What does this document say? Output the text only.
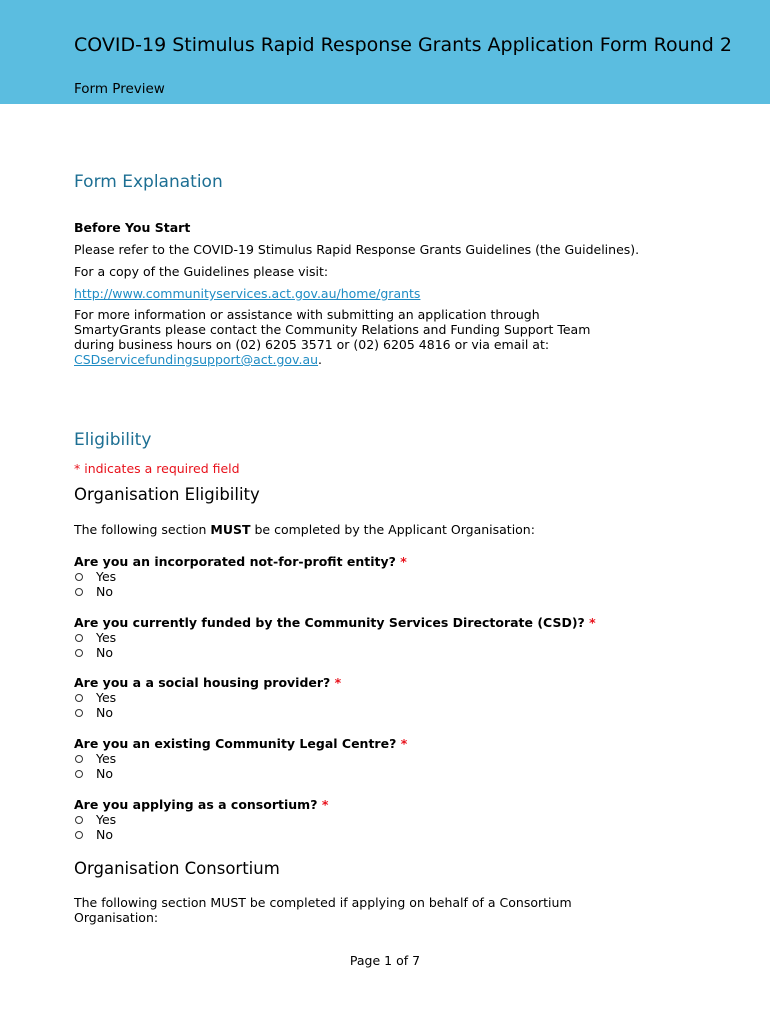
COVID-19 Stimulus Rapid Response Grants Application Form Round 2
Form Preview
Form Explanation
Before You Start
Please refer to the COVID-19 Stimulus Rapid Response Grants Guidelines (the Guidelines).
For a copy of the Guidelines please visit:
http://www.communityservices.act.gov.au/home/grants
For more information or assistance with submitting an application through SmartyGrants please contact the Community Relations and Funding Support Team during business hours on (02) 6205 3571 or (02) 6205 4816 or via email at: CSDservicefundingsupport@act.gov.au.
Eligibility
* indicates a required field
Organisation Eligibility
The following section MUST be completed by the Applicant Organisation:
Are you an incorporated not-for-profit entity? *
Yes
No
Are you currently funded by the Community Services Directorate (CSD)? *
Yes
No
Are you a a social housing provider? *
Yes
No
Are you an existing Community Legal Centre? *
Yes
No
Are you applying as a consortium? *
Yes
No
Organisation Consortium
The following section MUST be completed if applying on behalf of a Consortium Organisation:
Page 1 of 7
